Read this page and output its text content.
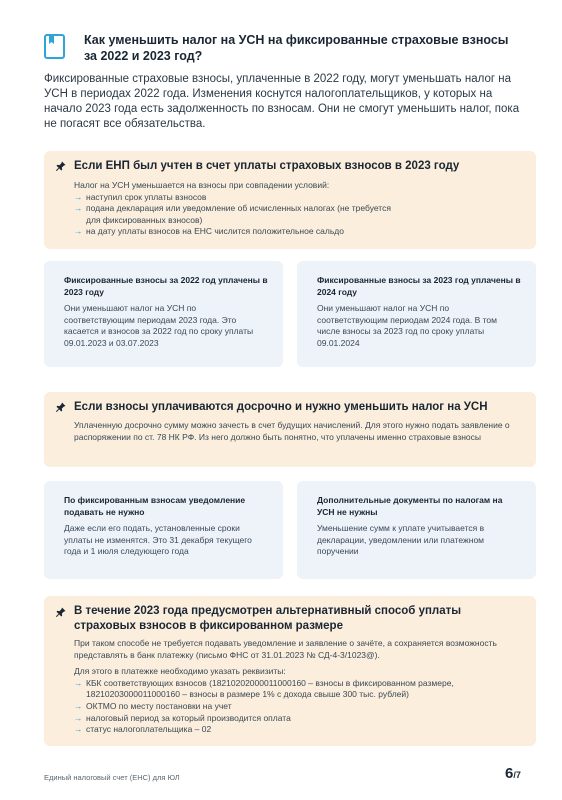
Как уменьшить налог на УСН на фиксированные страховые взносы за 2022 и 2023 год?
Фиксированные страховые взносы, уплаченные в 2022 году, могут уменьшать налог на УСН в периодах 2022 года. Изменения коснутся налогоплательщиков, у которых на начало 2023 года есть задолженность по взносам. Они не смогут уменьшить налог, пока не погасят все обязательства.
Если ЕНП был учтен в счет уплаты страховых взносов в 2023 году
Налог на УСН уменьшается на взносы при совпадении условий:
→ наступил срок уплаты взносов
→ подана декларация или уведомление об исчисленных налогах (не требуется для фиксированных взносов)
→ на дату уплаты взносов на ЕНС числится положительное сальдо
Фиксированные взносы за 2022 год уплачены в 2023 году
Они уменьшают налог на УСН по соответствующим периодам 2023 года. Это касается и взносов за 2022 год по сроку уплаты 09.01.2023 и 03.07.2023
Фиксированные взносы за 2023 год уплачены в 2024 году
Они уменьшают налог на УСН по соответствующим периодам 2024 года. В том числе взносы за 2023 год по сроку уплаты 09.01.2024
Если взносы уплачиваются досрочно и нужно уменьшить налог на УСН
Уплаченную досрочно сумму можно зачесть в счет будущих начислений. Для этого нужно подать заявление о распоряжении по ст. 78 НК РФ. Из него должно быть понятно, что уплачены именно страховые взносы
По фиксированным взносам уведомление подавать не нужно
Даже если его подать, установленные сроки уплаты не изменятся. Это 31 декабря текущего года и 1 июля следующего года
Дополнительные документы по налогам на УСН не нужны
Уменьшение сумм к уплате учитывается в декларации, уведомлении или платежном поручении
В течение 2023 года предусмотрен альтернативный способ уплаты страховых взносов в фиксированном размере
При таком способе не требуется подавать уведомление и заявление о зачёте, а сохраняется возможность представлять в банк платежку (письмо ФНС от 31.01.2023 № СД-4-3/1023@).
Для этого в платежке необходимо указать реквизиты:
→ КБК соответствующих взносов (18210202000011000160 – взносы в фиксированном размере, 18210203000011000160 – взносы в размере 1% с дохода свыше 300 тыс. рублей)
→ ОКТМО по месту постановки на учет
→ налоговый период за который производится оплата
→ статус налогоплательщика – 02
Единый налоговый счет (ЕНС) для ЮЛ	6/7
